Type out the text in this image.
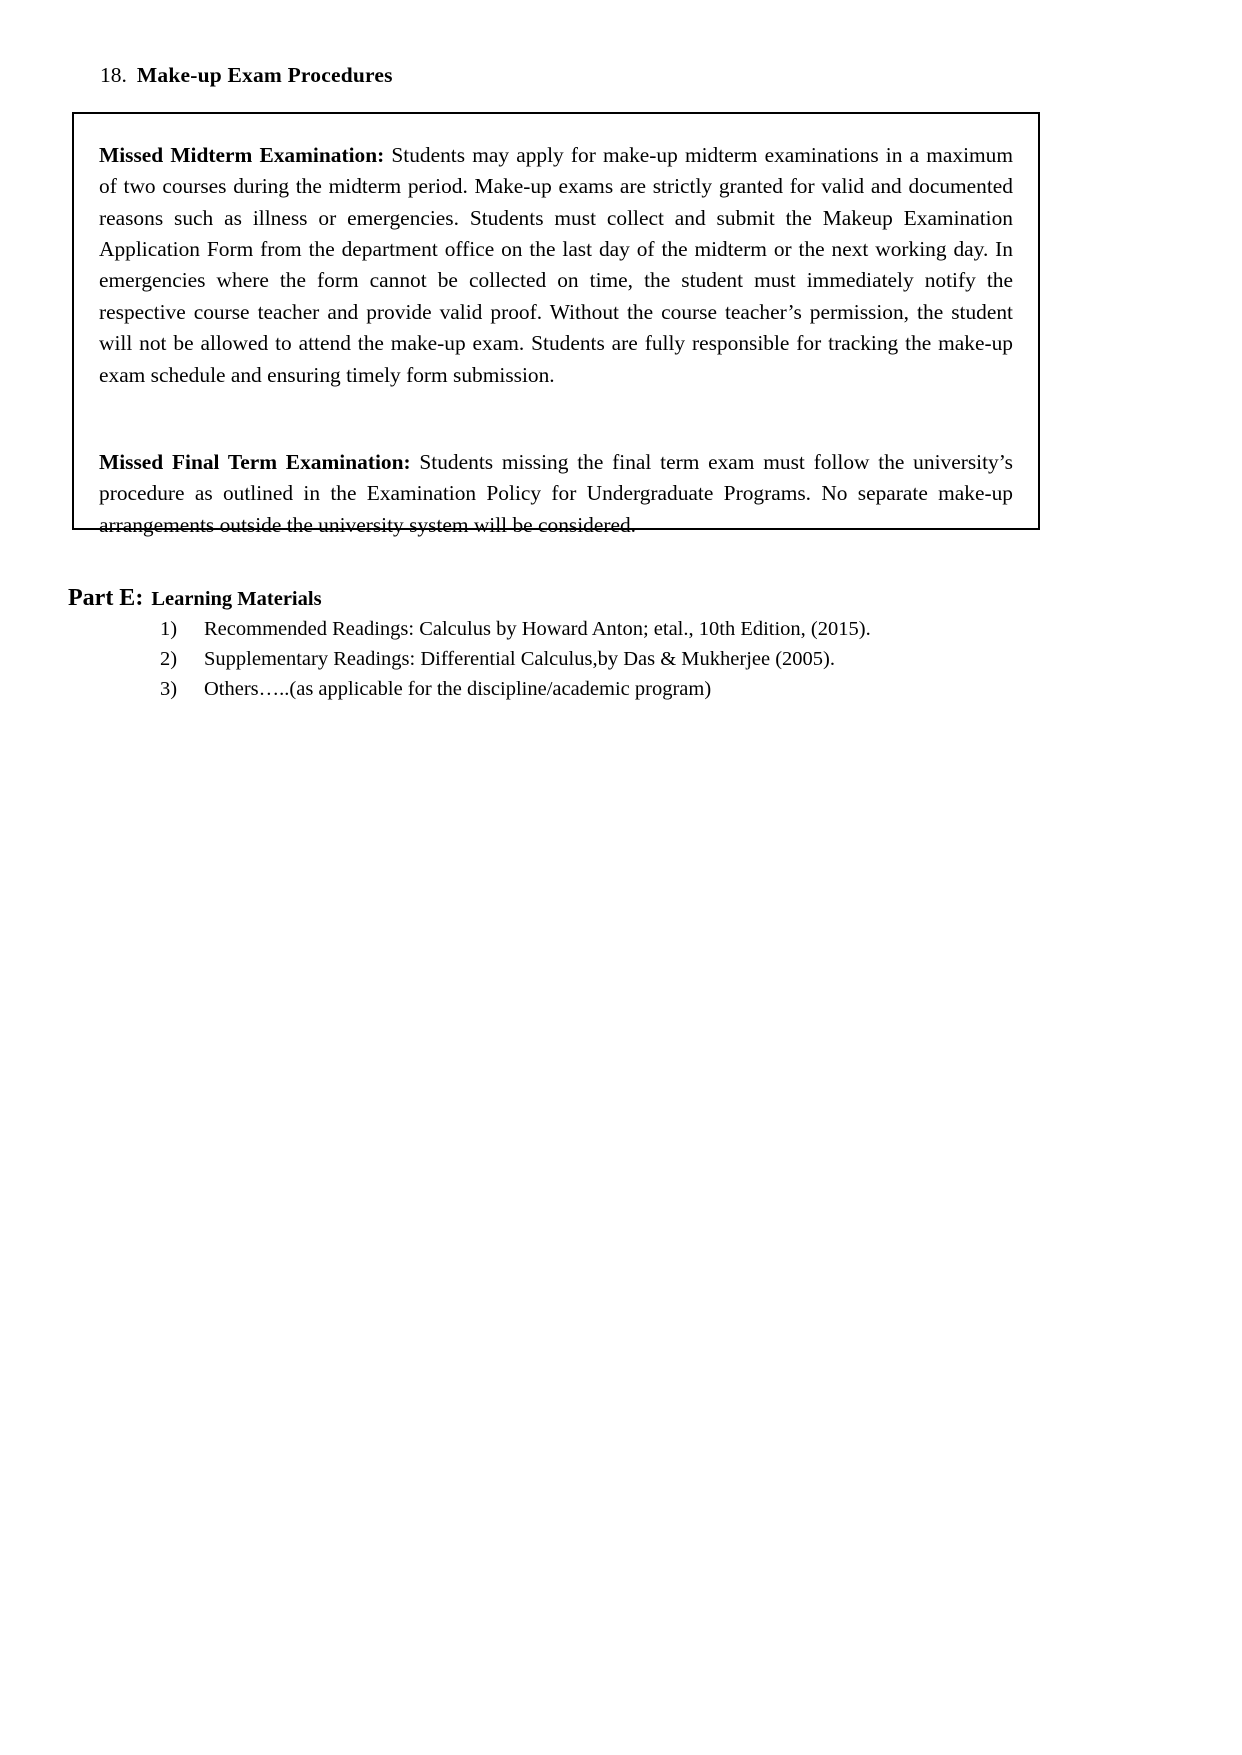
18. Make-up Exam Procedures

Missed Midterm Examination: Students may apply for make-up midterm examinations in a maximum of two courses during the midterm period. Make-up exams are strictly granted for valid and documented reasons such as illness or emergencies. Students must collect and submit the Makeup Examination Application Form from the department office on the last day of the midterm or the next working day. In emergencies where the form cannot be collected on time, the student must immediately notify the respective course teacher and provide valid proof. Without the course teacher’s permission, the student will not be allowed to attend the make-up exam. Students are fully responsible for tracking the make-up exam schedule and ensuring timely form submission.

Missed Final Term Examination: Students missing the final term exam must follow the university’s procedure as outlined in the Examination Policy for Undergraduate Programs. No separate make-up arrangements outside the university system will be considered.

Part E: Learning Materials
1)	Recommended Readings: Calculus by Howard Anton; etal., 10th Edition, (2015).
2)	Supplementary Readings: Differential Calculus,by Das & Mukherjee (2005).
3)	Others…..(as applicable for the discipline/academic program)
